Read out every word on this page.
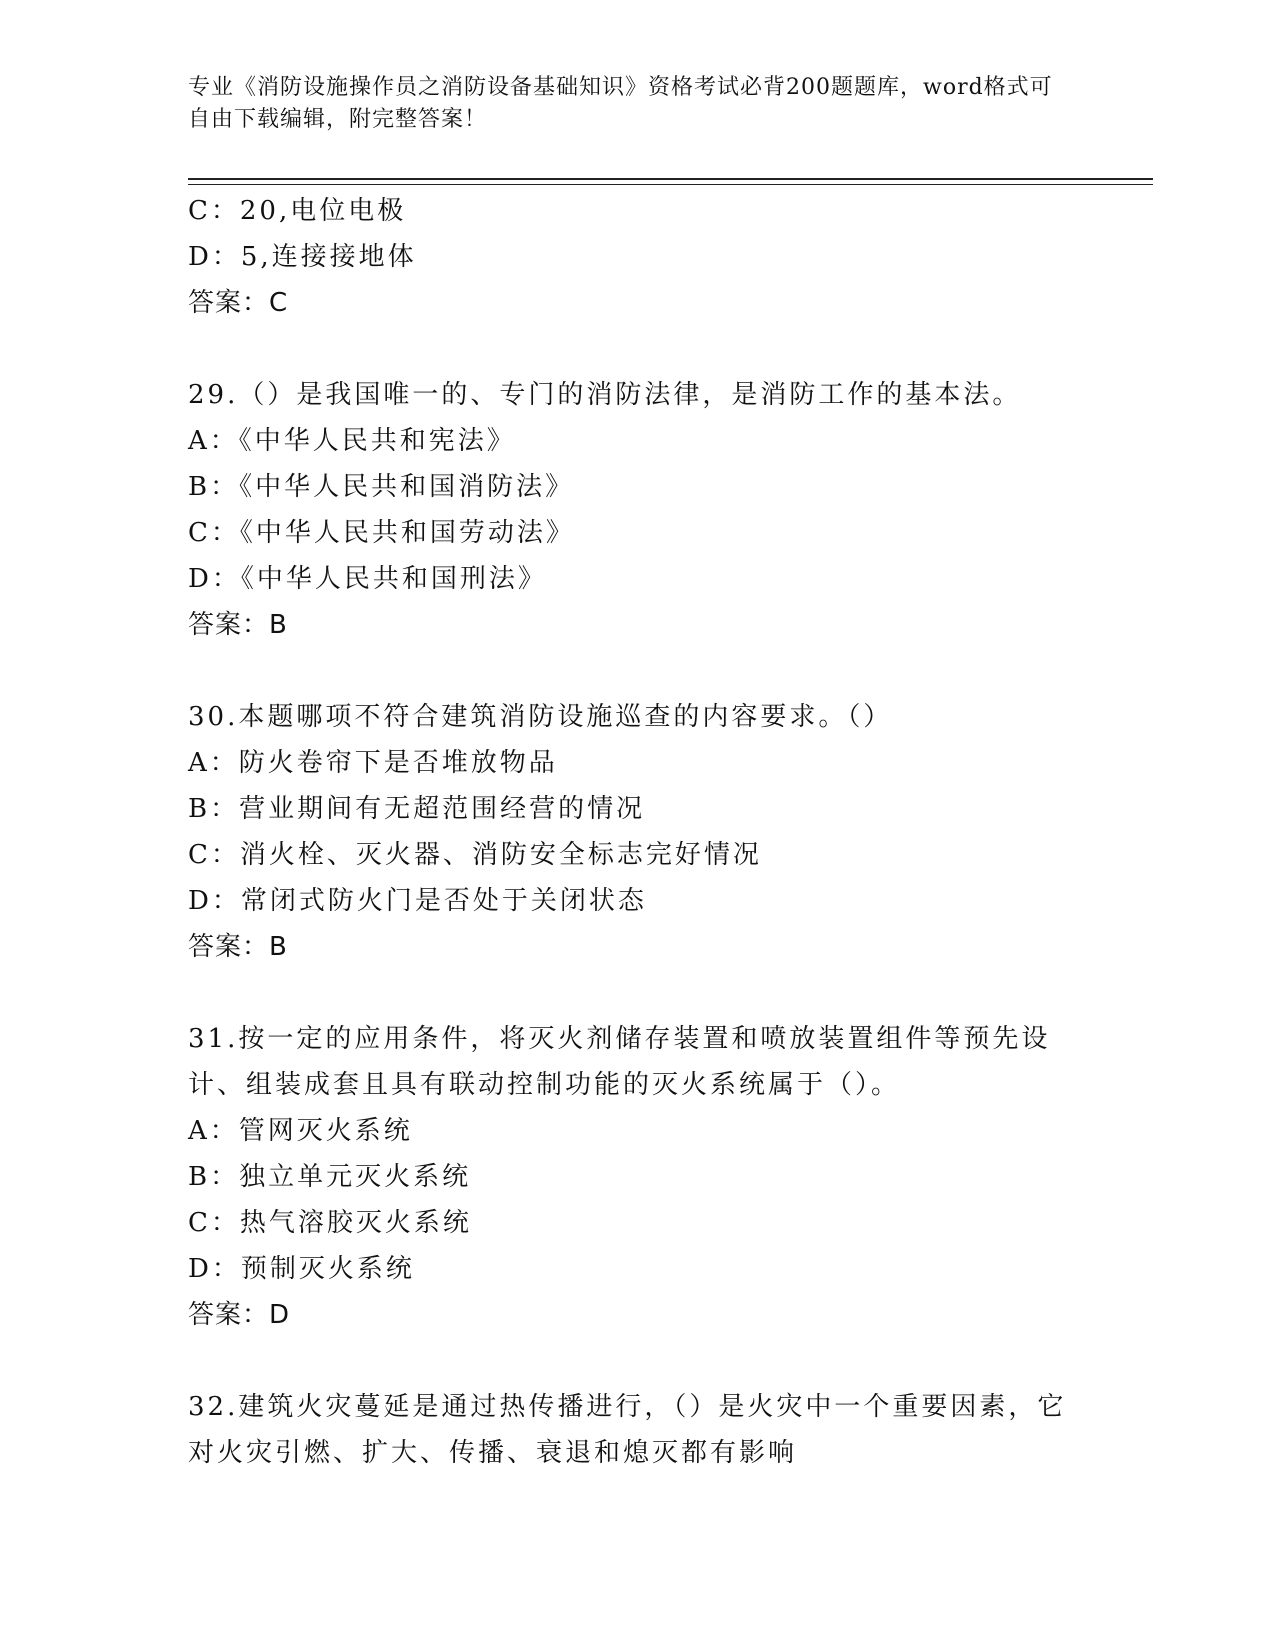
专业《消防设施操作员之消防设备基础知识》资格考试必背200题题库，word格式可自由下载编辑，附完整答案！
C：20,电位电极
D：5,连接接地体
答案：C
29.（）是我国唯一的、专门的消防法律，是消防工作的基本法。
A：《中华人民共和宪法》
B：《中华人民共和国消防法》
C：《中华人民共和国劳动法》
D：《中华人民共和国刑法》
答案：B
30.本题哪项不符合建筑消防设施巡查的内容要求。（）
A：防火卷帘下是否堆放物品
B：营业期间有无超范围经营的情况
C：消火栓、灭火器、消防安全标志完好情况
D：常闭式防火门是否处于关闭状态
答案：B
31.按一定的应用条件，将灭火剂储存装置和喷放装置组件等预先设计、组装成套且具有联动控制功能的灭火系统属于（）。
A：管网灭火系统
B：独立单元灭火系统
C：热气溶胶灭火系统
D：预制灭火系统
答案：D
32.建筑火灾蔓延是通过热传播进行，（）是火灾中一个重要因素，它对火灾引燃、扩大、传播、衰退和熄灭都有影响
